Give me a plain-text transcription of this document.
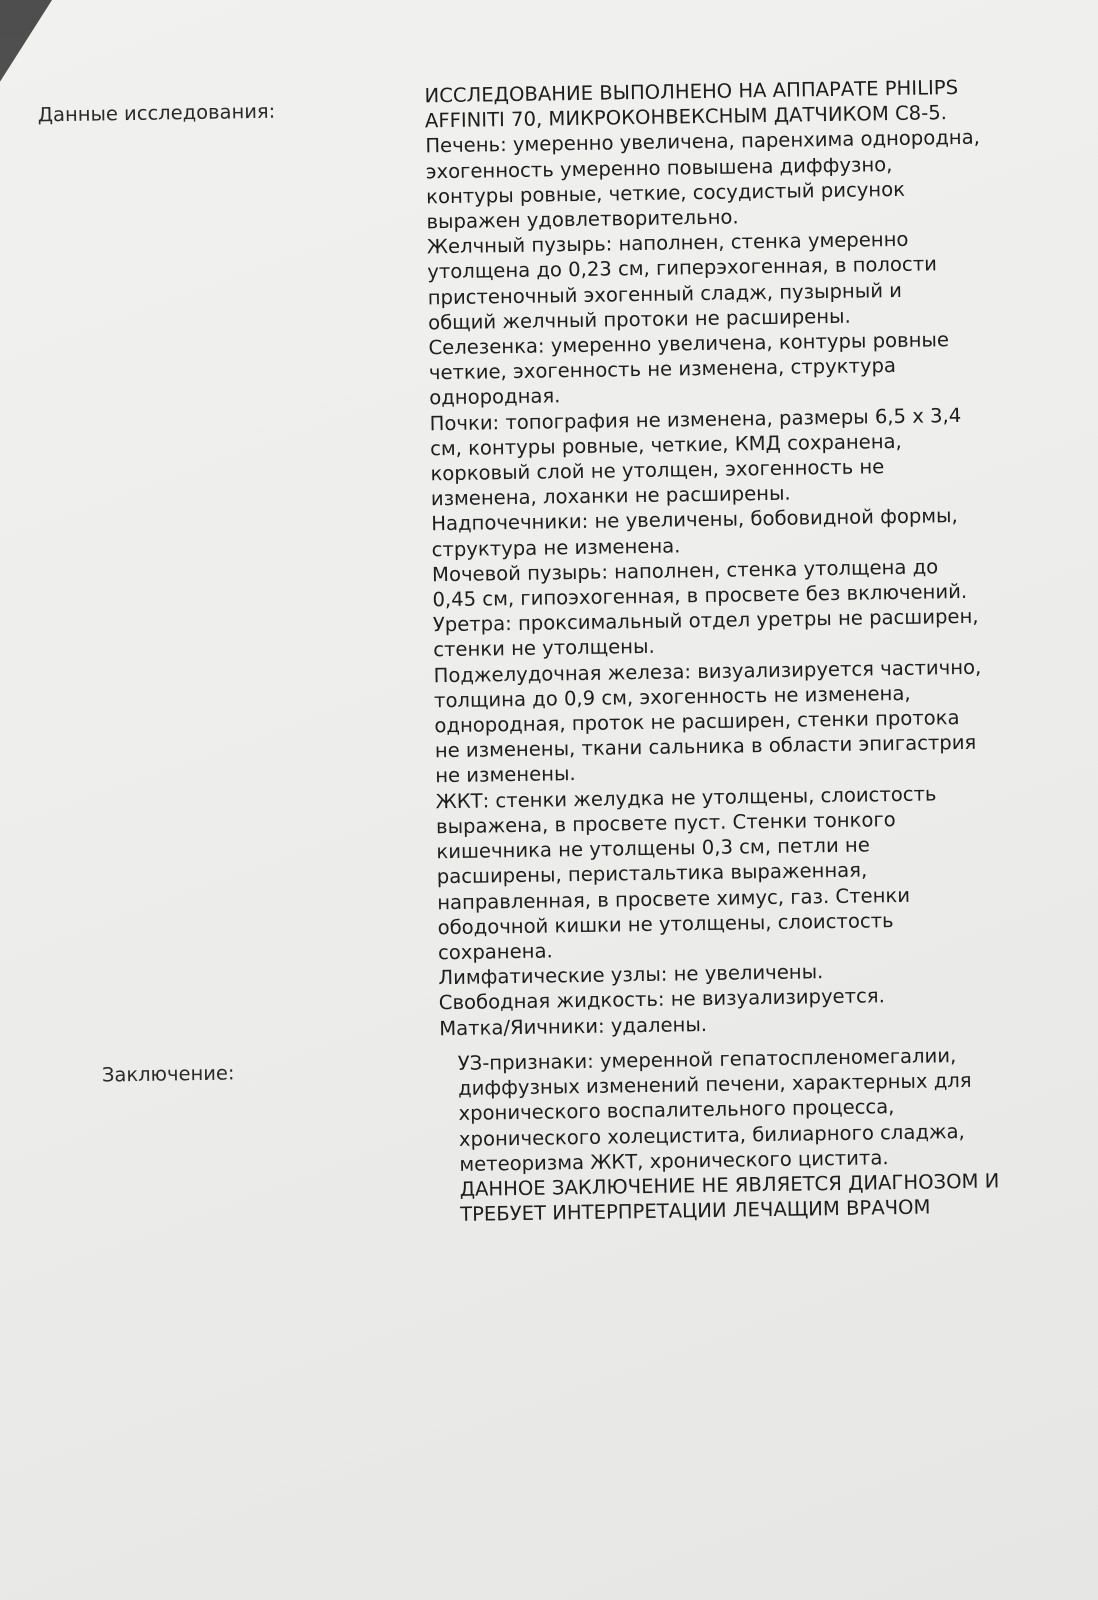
Данные исследования:
ИССЛЕДОВАНИЕ ВЫПОЛНЕНО НА АППАРАТЕ PHILIPS
AFFINITI 70, МИКРОКОНВЕКСНЫМ ДАТЧИКОМ С8-5.
Печень: умеренно увеличена, паренхима однородна,
эхогенность умеренно повышена диффузно,
контуры ровные, четкие, сосудистый рисунок
выражен удовлетворительно.
Желчный пузырь: наполнен, стенка умеренно
утолщена до 0,23 см, гиперэхогенная, в полости
пристеночный эхогенный сладж, пузырный и
общий желчный протоки не расширены.
Селезенка: умеренно увеличена, контуры ровные
четкие, эхогенность не изменена, структура
однородная.
Почки: топография не изменена, размеры 6,5 х 3,4
см, контуры ровные, четкие, КМД сохранена,
корковый слой не утолщен, эхогенность не
изменена, лоханки не расширены.
Надпочечники: не увеличены, бобовидной формы,
структура не изменена.
Мочевой пузырь: наполнен, стенка утолщена до
0,45 см, гипоэхогенная, в просвете без включений.
Уретра: проксимальный отдел уретры не расширен,
стенки не утолщены.
Поджелудочная железа: визуализируется частично,
толщина до 0,9 см, эхогенность не изменена,
однородная, проток не расширен, стенки протока
не изменены, ткани сальника в области эпигастрия
не изменены.
ЖКТ: стенки желудка не утолщены, слоистость
выражена, в просвете пуст. Стенки тонкого
кишечника не утолщены 0,3 см, петли не
расширены, перистальтика выраженная,
направленная, в просвете химус, газ. Стенки
ободочной кишки не утолщены, слоистость
сохранена.
Лимфатические узлы: не увеличены.
Свободная жидкость: не визуализируется.
Матка/Яичники: удалены.
Заключение:	УЗ-признаки: умеренной гепатоспленомегалии,
диффузных изменений печени, характерных для
хронического воспалительного процесса,
хронического холецистита, билиарного сладжа,
метеоризма ЖКТ, хронического цистита.
ДАННОЕ ЗАКЛЮЧЕНИЕ НЕ ЯВЛЯЕТСЯ ДИАГНОЗОМ И
ТРЕБУЕТ ИНТЕРПРЕТАЦИИ ЛЕЧАЩИМ ВРАЧОМ
